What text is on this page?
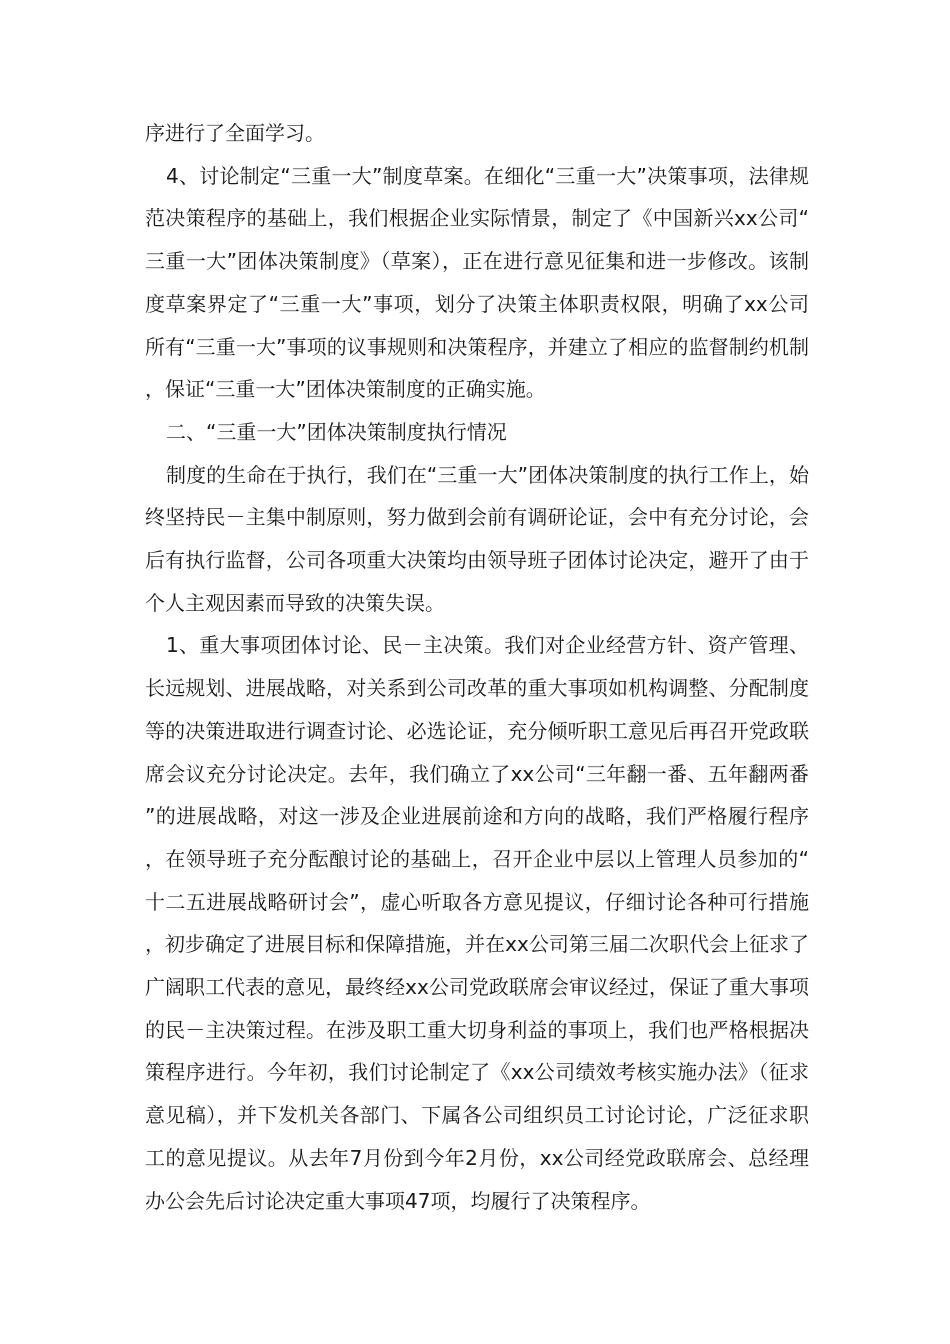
序进行了全面学习。

4、讨论制定“三重一大”制度草案。在细化“三重一大”决策事项，法律规范决策程序的基础上，我们根据企业实际情景，制定了《中国新兴xx公司“三重一大”团体决策制度》（草案），正在进行意见征集和进一步修改。该制度草案界定了“三重一大”事项，划分了决策主体职责权限，明确了xx公司所有“三重一大”事项的议事规则和决策程序，并建立了相应的监督制约机制，保证“三重一大”团体决策制度的正确实施。

二、“三重一大”团体决策制度执行情况

制度的生命在于执行，我们在“三重一大”团体决策制度的执行工作上，始终坚持民－主集中制原则，努力做到会前有调研论证，会中有充分讨论，会后有执行监督，公司各项重大决策均由领导班子团体讨论决定，避开了由于个人主观因素而导致的决策失误。

1、重大事项团体讨论、民－主决策。我们对企业经营方针、资产管理、长远规划、进展战略，对关系到公司改革的重大事项如机构调整、分配制度等的决策进取进行调查讨论、必选论证，充分倾听职工意见后再召开党政联席会议充分讨论决定。去年，我们确立了xx公司“三年翻一番、五年翻两番”的进展战略，对这一涉及企业进展前途和方向的战略，我们严格履行程序，在领导班子充分酝酿讨论的基础上，召开企业中层以上管理人员参加的“十二五进展战略研讨会”，虚心听取各方意见提议，仔细讨论各种可行措施，初步确定了进展目标和保障措施，并在xx公司第三届二次职代会上征求了广阔职工代表的意见，最终经xx公司党政联席会审议经过，保证了重大事项的民－主决策过程。在涉及职工重大切身利益的事项上，我们也严格根据决策程序进行。今年初，我们讨论制定了《xx公司绩效考核实施办法》（征求意见稿），并下发机关各部门、下属各公司组织员工讨论讨论，广泛征求职工的意见提议。从去年7月份到今年2月份，xx公司经党政联席会、总经理办公会先后讨论决定重大事项47项，均履行了决策程序。
